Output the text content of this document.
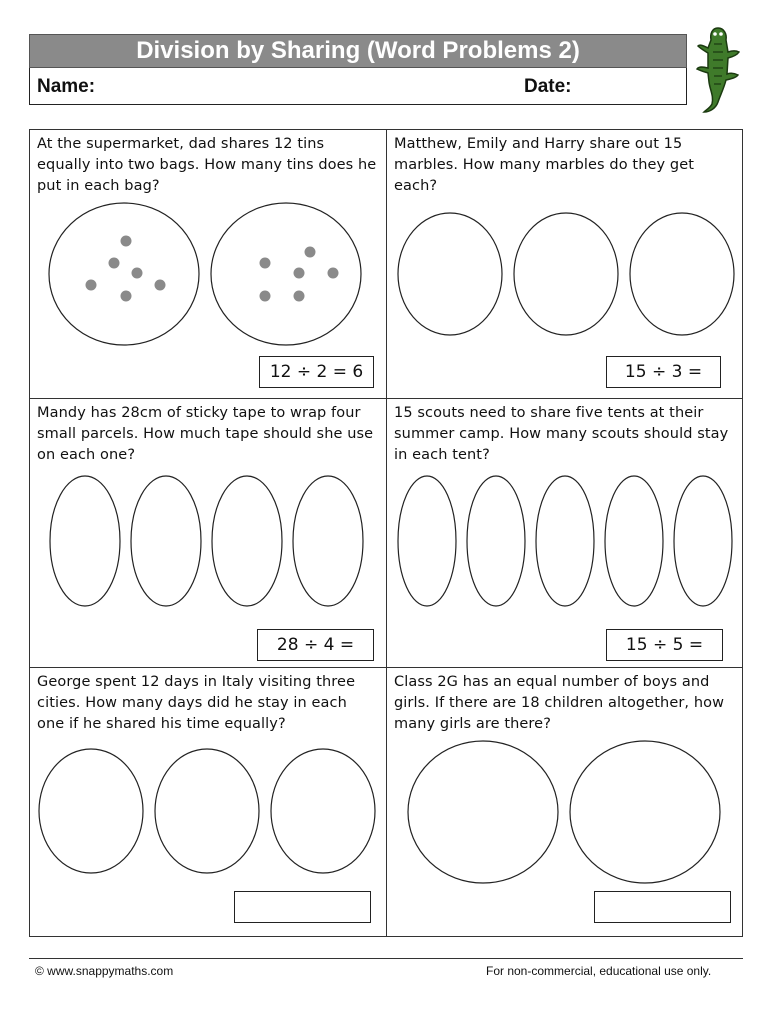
Division by Sharing (Word Problems 2)
Name:	Date:
At the supermarket, dad shares 12 tins equally into two bags. How many tins does he put in each bag?
12 ÷ 2 = 6
Matthew, Emily and Harry share out 15 marbles. How many marbles do they get each?
15 ÷ 3 =
Mandy has 28cm of sticky tape to wrap four small parcels. How much tape should she use on each one?
28 ÷ 4 =
15 scouts need to share five tents at their summer camp. How many scouts should stay in each tent?
15 ÷ 5 =
George spent 12 days in Italy visiting three cities. How many days did he stay in each one if he shared his time equally?
Class 2G has an equal number of boys and girls. If there are 18 children altogether, how many girls are there?
© www.snappymaths.com	For non-commercial, educational use only.
